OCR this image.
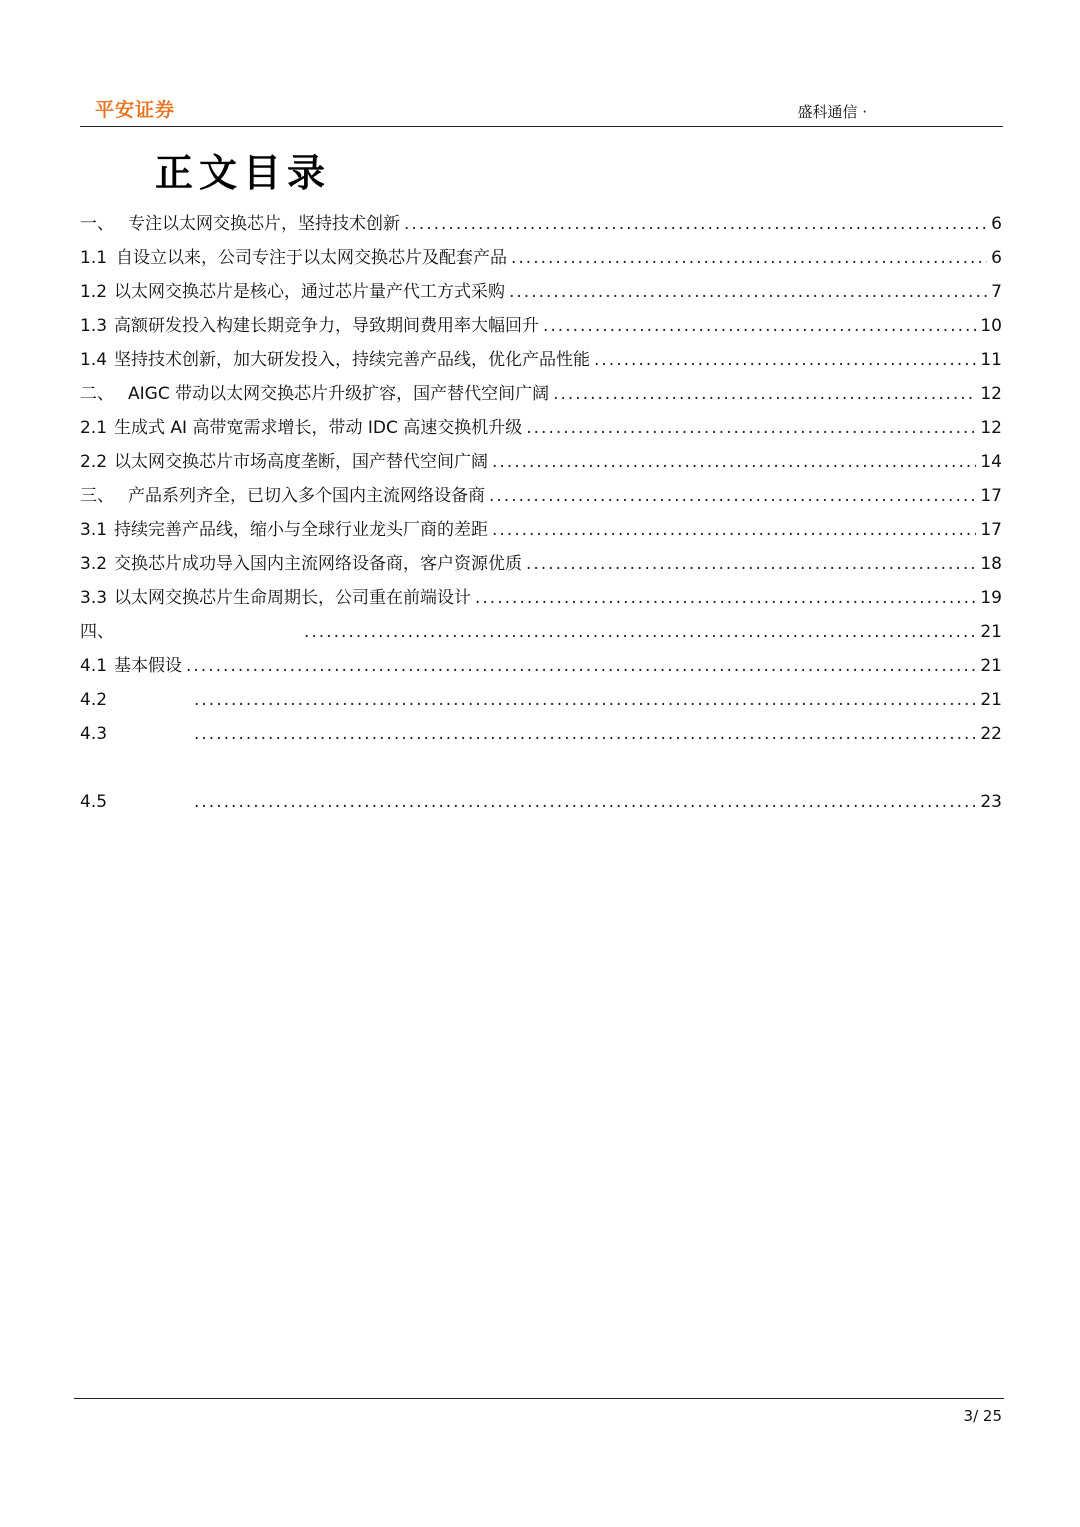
平安证券	盛科通信 ·
正文目录
一、 专注以太网交换芯片，坚持技术创新 .....	6
1.1 自设立以来，公司专注于以太网交换芯片及配套产品 .....	6
1.2 以太网交换芯片是核心，通过芯片量产代工方式采购 .....	7
1.3 高额研发投入构建长期竞争力，导致期间费用率大幅回升 .....	10
1.4 坚持技术创新，加大研发投入，持续完善产品线，优化产品性能 .....	11
二、 AIGC 带动以太网交换芯片升级扩容，国产替代空间广阔 .....	12
2.1 生成式 AI 高带宽需求增长，带动 IDC 高速交换机升级 .....	12
2.2 以太网交换芯片市场高度垄断，国产替代空间广阔 .....	14
三、 产品系列齐全，已切入多个国内主流网络设备商 .....	17
3.1 持续完善产品线，缩小与全球行业龙头厂商的差距 .....	17
3.2 交换芯片成功导入国内主流网络设备商，客户资源优质 .....	18
3.3 以太网交换芯片生命周期长，公司重在前端设计 .....	19
四、 .....	21
4.1 基本假设 .....	21
4.2 .....	21
4.3 .....	22
4.5 .....	23
3/ 25
